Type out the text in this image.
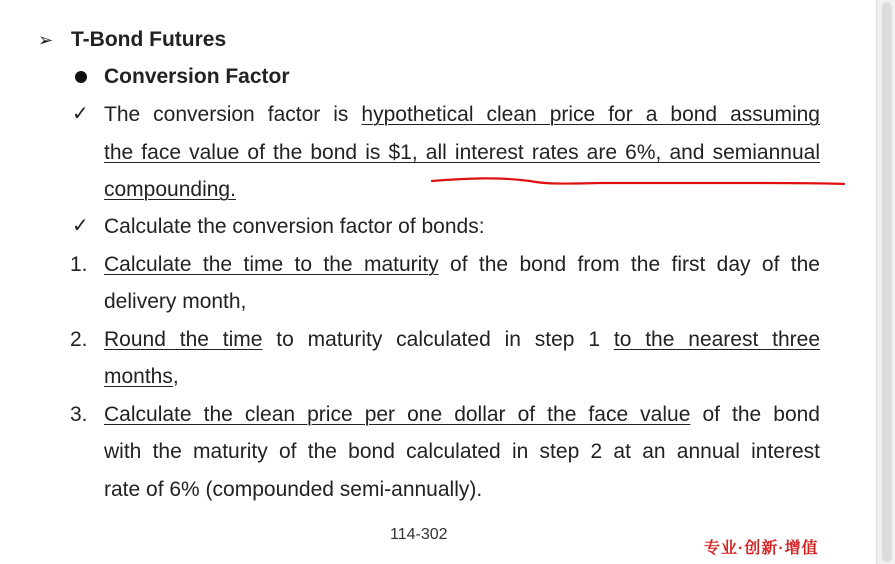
➢ T-Bond Futures
Conversion Factor
✓ The conversion factor is hypothetical clean price for a bond assuming
the face value of the bond is $1, all interest rates are 6%, and semiannual
compounding.
✓ Calculate the conversion factor of bonds:
1. Calculate the time to the maturity of the bond from the first day of the
delivery month,
2. Round the time to maturity calculated in step 1 to the nearest three
months,
3. Calculate the clean price per one dollar of the face value of the bond
with the maturity of the bond calculated in step 2 at an annual interest
rate of 6% (compounded semi-annually).
114-302
专业·创新·增值
